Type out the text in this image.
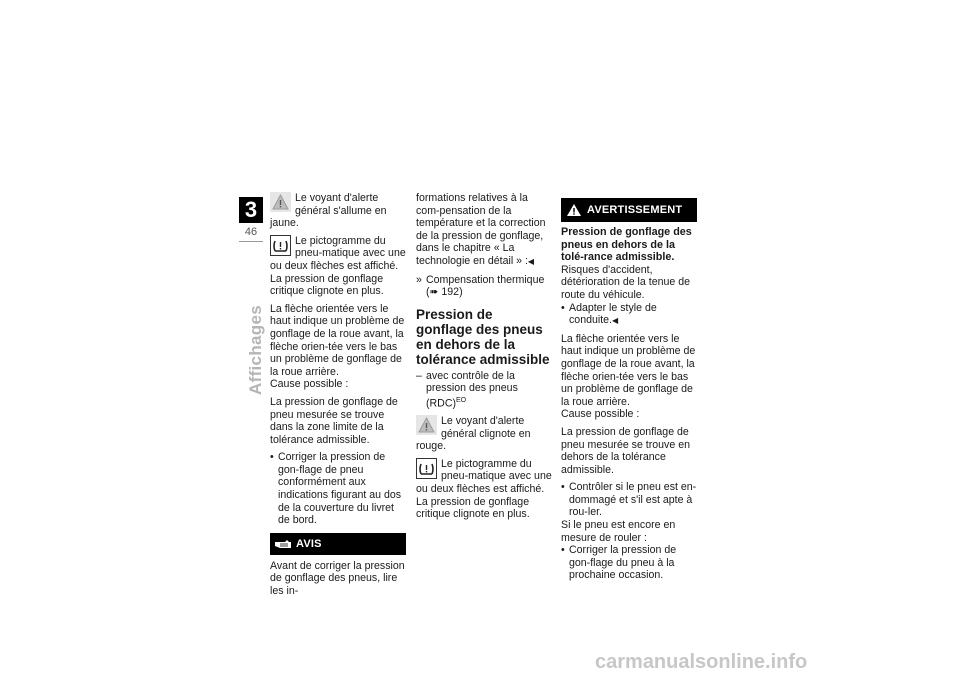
3
46
Affichages
Le voyant d'alerte général s'allume en jaune.
Le pictogramme du pneu-matique avec une ou deux flèches est affiché. La pression de gonflage critique clignote en plus.

La flèche orientée vers le haut indique un problème de gonflage de la roue avant, la flèche orien-tée vers le bas un problème de gonflage de la roue arrière.

Cause possible :

La pression de gonflage de pneu mesurée se trouve dans la zone limite de la tolérance admissible.

• Corriger la pression de gon-flage de pneu conformément aux indications figurant au dos de la couverture du livret de bord.
AVIS

Avant de corriger la pression de gonflage des pneus, lire les in-

formations relatives à la com-pensation de la température et la correction de la pression de gonflage, dans le chapitre « La technologie en détail » :◀

» Compensation thermique
(➠ 192)
Pression de gonflage des pneus en dehors de la tolérance admissible
– avec contrôle de la pression des pneus (RDC)$^{EO}$
Le voyant d'alerte général clignote en rouge.
Le pictogramme du pneu-matique avec une ou deux flèches est affiché. La pression de gonflage critique clignote en plus.
AVERTISSEMENT
Pression de gonflage des pneus en dehors de la tolé-rance admissible.

Risques d'accident, détérioration de la tenue de route du véhicule.

• Adapter le style de conduite.◀

La flèche orientée vers le haut indique un problème de gonflage de la roue avant, la flèche orien-tée vers le bas un problème de gonflage de la roue arrière.

Cause possible :

La pression de gonflage de pneu mesurée se trouve en dehors de la tolérance admissible.

• Contrôler si le pneu est en-dommagé et s'il est apte à rou-ler.

Si le pneu est encore en mesure de rouler :

• Corriger la pression de gon-flage du pneu à la prochaine occasion.
carmanualsonline.info
